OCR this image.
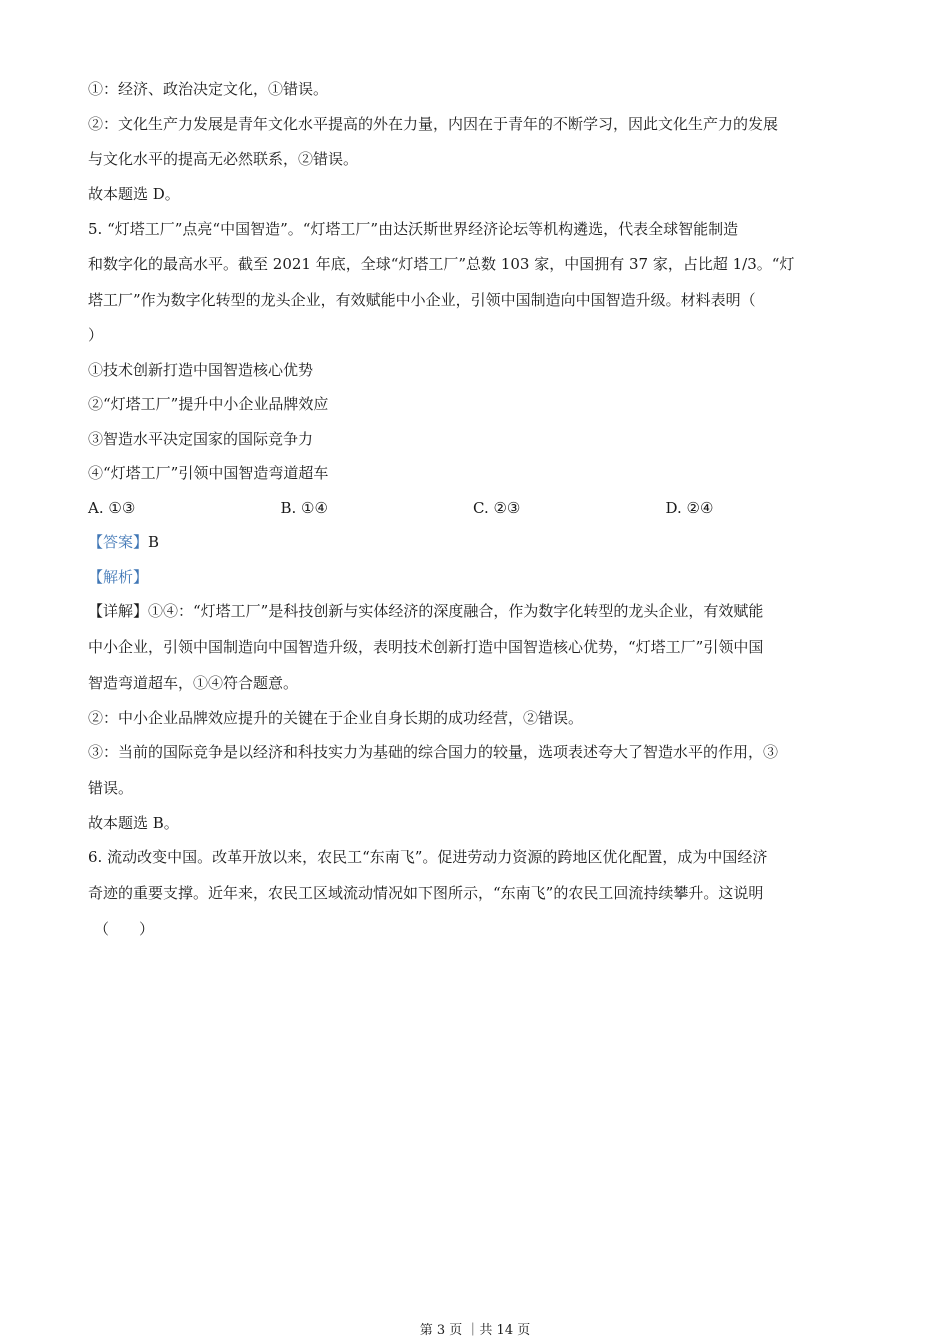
①：经济、政治决定文化，①错误。
②：文化生产力发展是青年文化水平提高的外在力量，内因在于青年的不断学习，因此文化生产力的发展
与文化水平的提高无必然联系，②错误。
故本题选 D。
5. “灯塔工厂”点亮“中国智造”。“灯塔工厂”由达沃斯世界经济论坛等机构遴选，代表全球智能制造
和数字化的最高水平。截至 2021 年底，全球“灯塔工厂”总数 103 家，中国拥有 37 家，占比超 1/3。“灯
塔工厂”作为数字化转型的龙头企业，有效赋能中小企业，引领中国制造向中国智造升级。材料表明（
）
①技术创新打造中国智造核心优势
②“灯塔工厂”提升中小企业品牌效应
③智造水平决定国家的国际竞争力
④“灯塔工厂”引领中国智造弯道超车
A. ①③	B. ①④	C. ②③	D. ②④
【答案】B
【解析】
【详解】①④：“灯塔工厂”是科技创新与实体经济的深度融合，作为数字化转型的龙头企业，有效赋能
中小企业，引领中国制造向中国智造升级，表明技术创新打造中国智造核心优势，“灯塔工厂”引领中国
智造弯道超车，①④符合题意。
②：中小企业品牌效应提升的关键在于企业自身长期的成功经营，②错误。
③：当前的国际竞争是以经济和科技实力为基础的综合国力的较量，选项表述夸大了智造水平的作用，③
错误。
故本题选 B。
6. 流动改变中国。改革开放以来，农民工“东南飞”。促进劳动力资源的跨地区优化配置，成为中国经济
奇迹的重要支撑。近年来，农民工区域流动情况如下图所示，“东南飞”的农民工回流持续攀升。这说明
（　　）
第 3 页 ｜共 14 页
